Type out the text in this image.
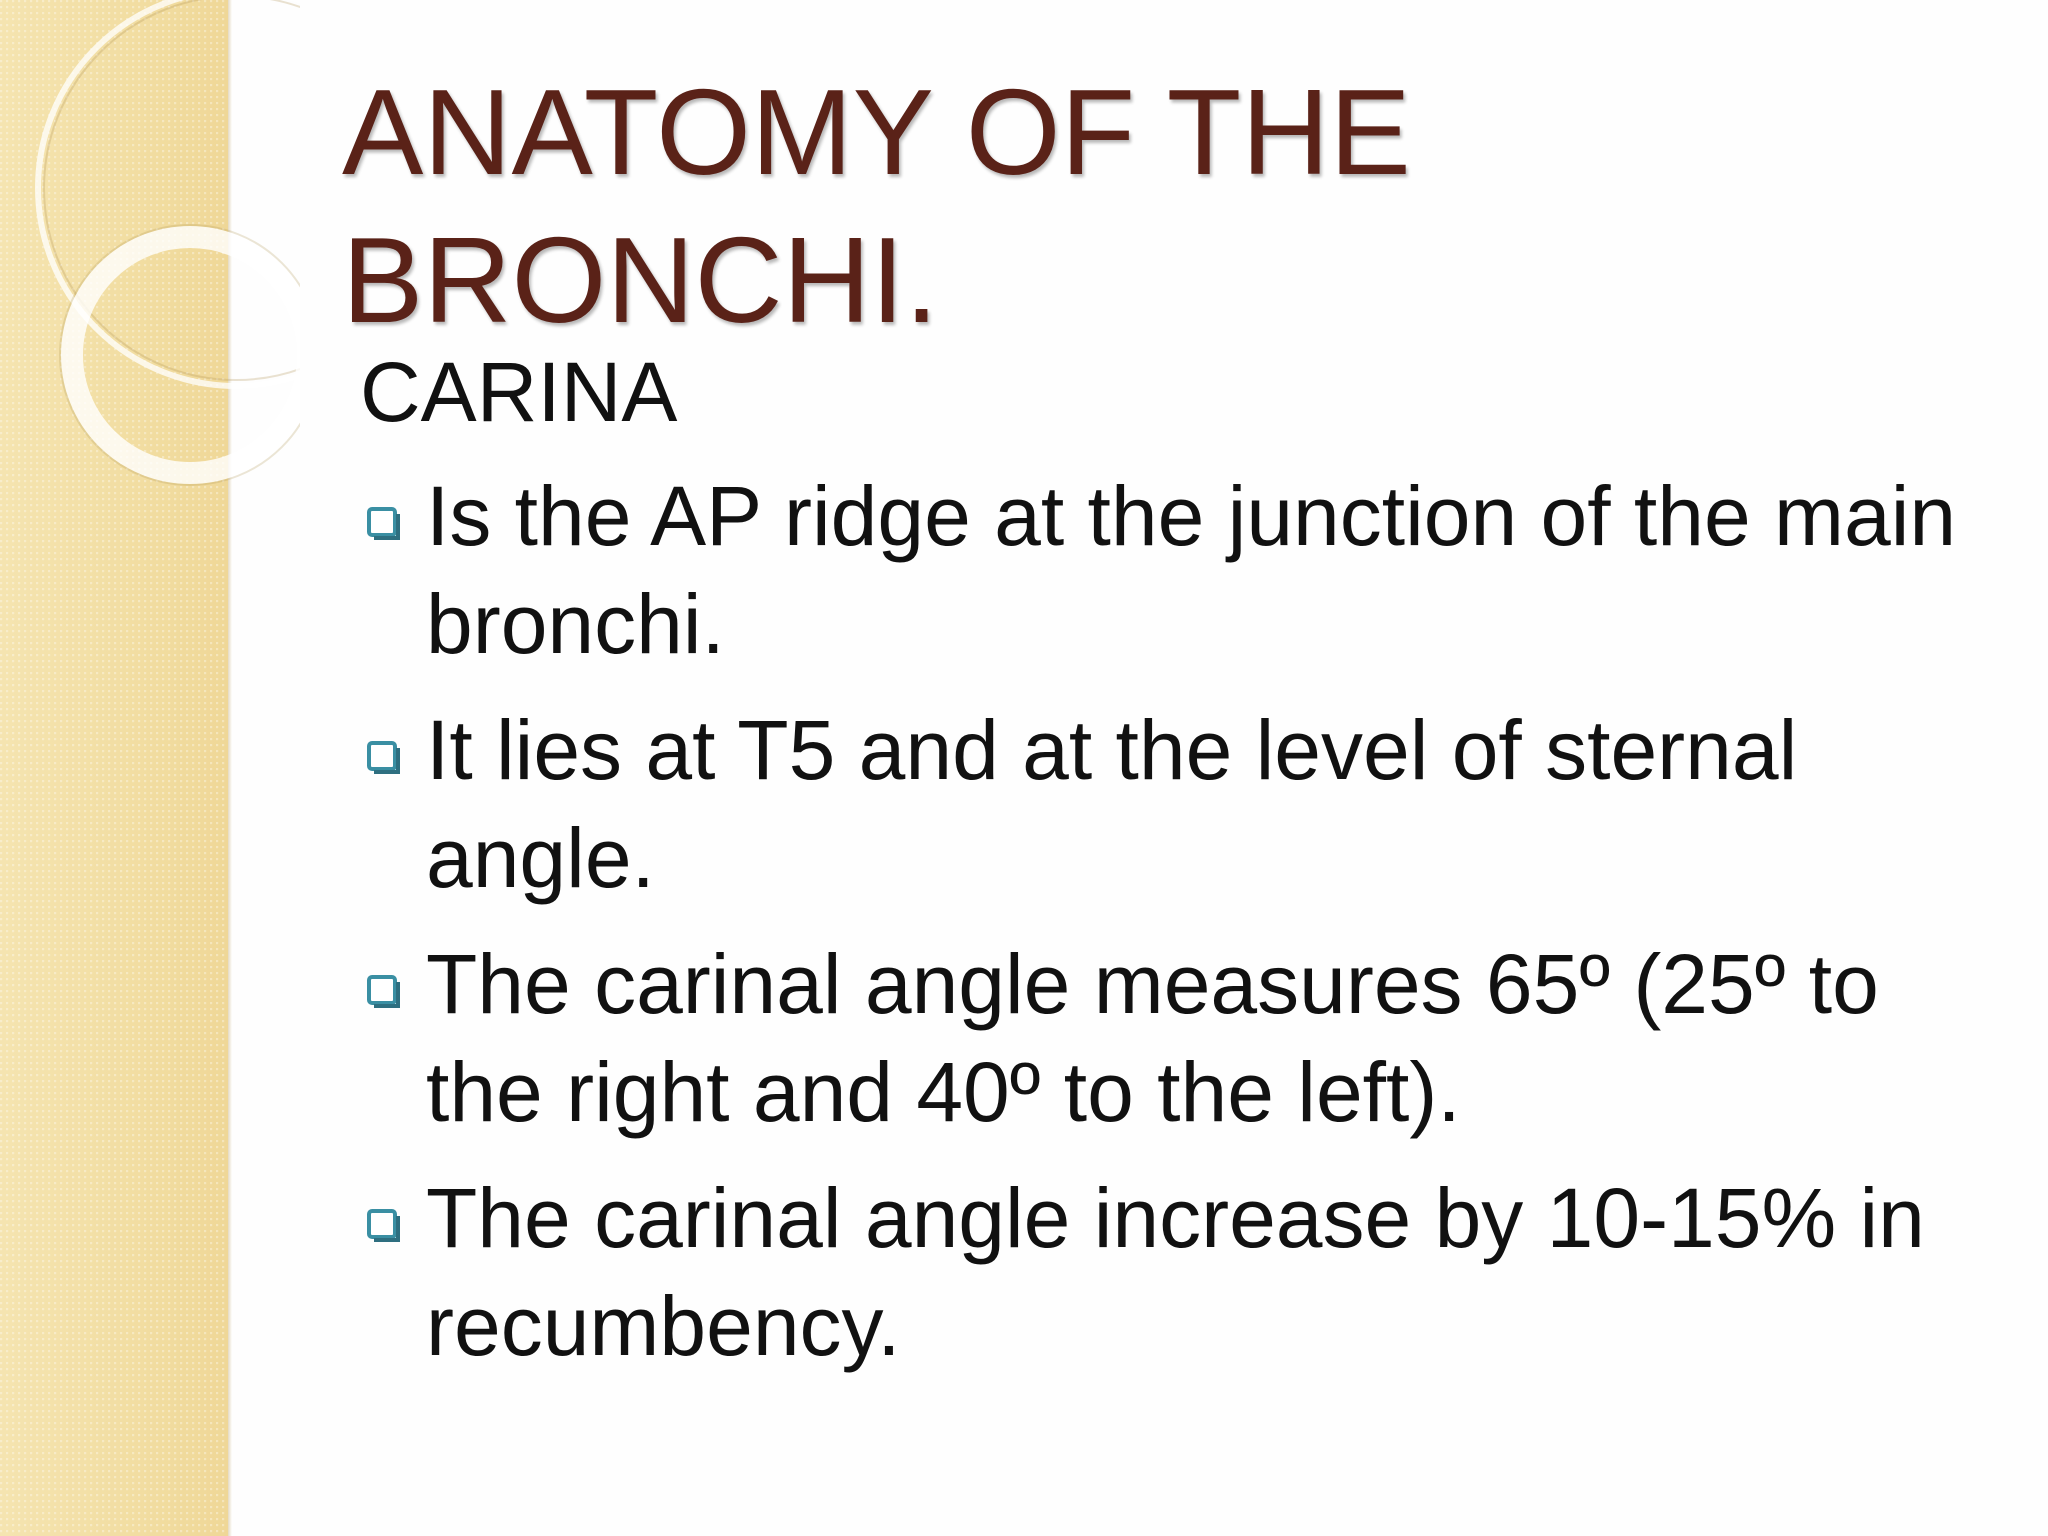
ANATOMY OF THE
BRONCHI.
CARINA
Is the AP ridge at the junction of the main bronchi.
It lies at T5 and at the level of sternal angle.
The carinal angle measures 65º (25º to the right and 40º to the left).
The carinal angle increase by 10-15% in recumbency.
